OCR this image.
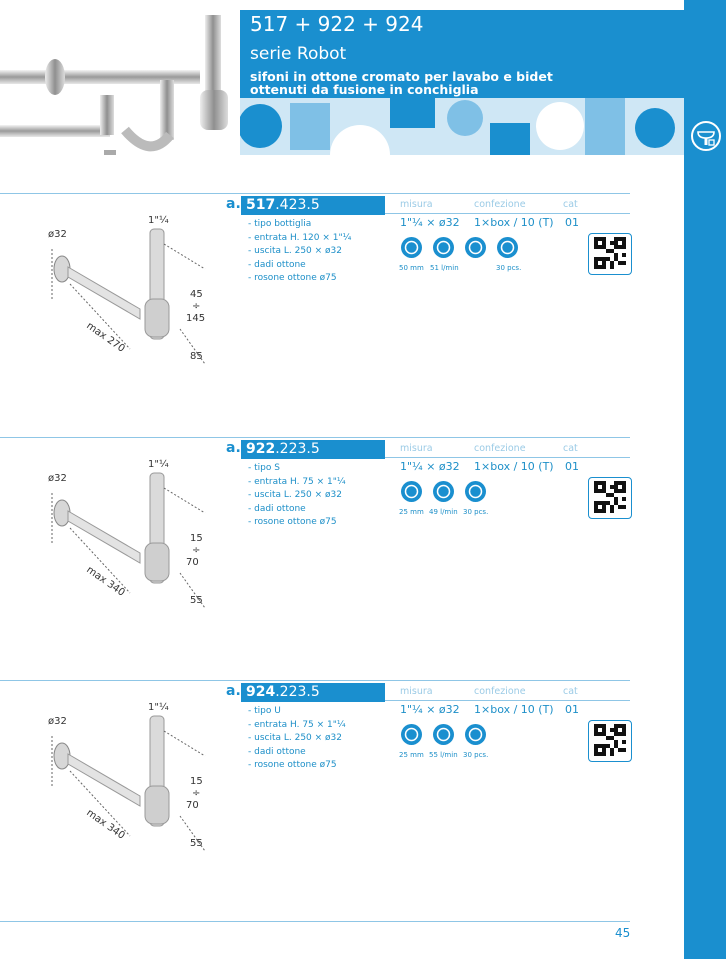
517 + 922 + 924
serie Robot
sifoni in ottone cromato per lavabo e bidet
ottenuti da fusione in conchiglia
a. 517.423.5	misura	confezione	cat
- tipo bottiglia
- entrata H. 120 × 1"¼
- uscita L. 250 × ø32
- dadi ottone
- rosone ottone ø75
1"¼ × ø32 1×box / 10 (T) 01
50 mm 51 l/min	30 pcs.
ø32
1"¼
45
÷
145
85
max 270
a. 922.223.5	misura	confezione	cat
- tipo S
- entrata H. 75 × 1"¼
- uscita L. 250 × ø32
- dadi ottone
- rosone ottone ø75
1"¼ × ø32 1×box / 10 (T) 01
25 mm 49 l/min 30 pcs.
ø32
1"¼
15
÷
70
55
max 340
a. 924.223.5	misura	confezione	cat
- tipo U
- entrata H. 75 × 1"¼
- uscita L. 250 × ø32
- dadi ottone
- rosone ottone ø75
1"¼ × ø32 1×box / 10 (T) 01
25 mm 55 l/min 30 pcs.
ø32
1"¼
15
÷
70
55
max 340
45
